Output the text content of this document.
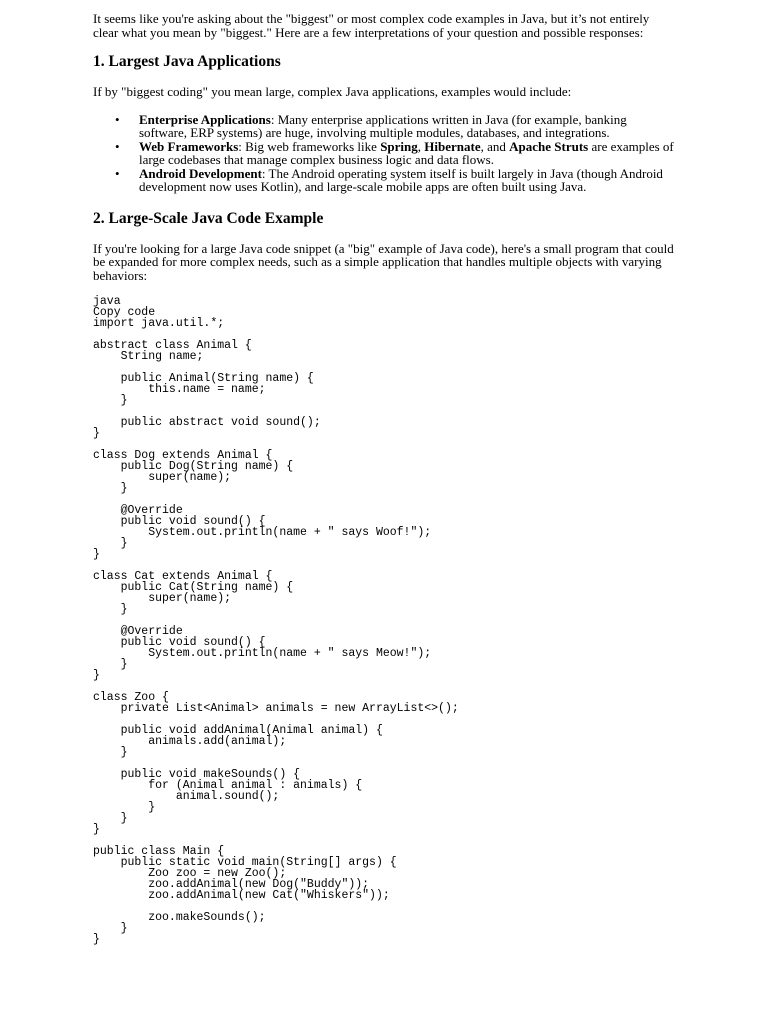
It seems like you're asking about the "biggest" or most complex code examples in Java, but it’s not entirely clear what you mean by "biggest." Here are a few interpretations of your question and possible responses:

1. Largest Java Applications

If by "biggest coding" you mean large, complex Java applications, examples would include:

• Enterprise Applications: Many enterprise applications written in Java (for example, banking software, ERP systems) are huge, involving multiple modules, databases, and integrations.
• Web Frameworks: Big web frameworks like Spring, Hibernate, and Apache Struts are examples of large codebases that manage complex business logic and data flows.
• Android Development: The Android operating system itself is built largely in Java (though Android development now uses Kotlin), and large-scale mobile apps are often built using Java.
2. Large-Scale Java Code Example

If you're looking for a large Java code snippet (a "big" example of Java code), here's a small program that could be expanded for more complex needs, such as a simple application that handles multiple objects with varying behaviors:

java
Copy code
import java.util.*;

abstract class Animal {
String name;

public Animal(String name) {
this.name = name;
}

public abstract void sound();
}

class Dog extends Animal {
public Dog(String name) {
super(name);
}

@Override
public void sound() {
System.out.println(name + " says Woof!");
}
}

class Cat extends Animal {
public Cat(String name) {
super(name);
}

@Override
public void sound() {
System.out.println(name + " says Meow!");
}
}

class Zoo {
private List<Animal> animals = new ArrayList<>();

public void addAnimal(Animal animal) {
animals.add(animal);
}

public void makeSounds() {
for (Animal animal : animals) {
animal.sound();
}
}
}

public class Main {
public static void main(String[] args) {
Zoo zoo = new Zoo();
zoo.addAnimal(new Dog("Buddy"));
zoo.addAnimal(new Cat("Whiskers"));

zoo.makeSounds();
}
}
